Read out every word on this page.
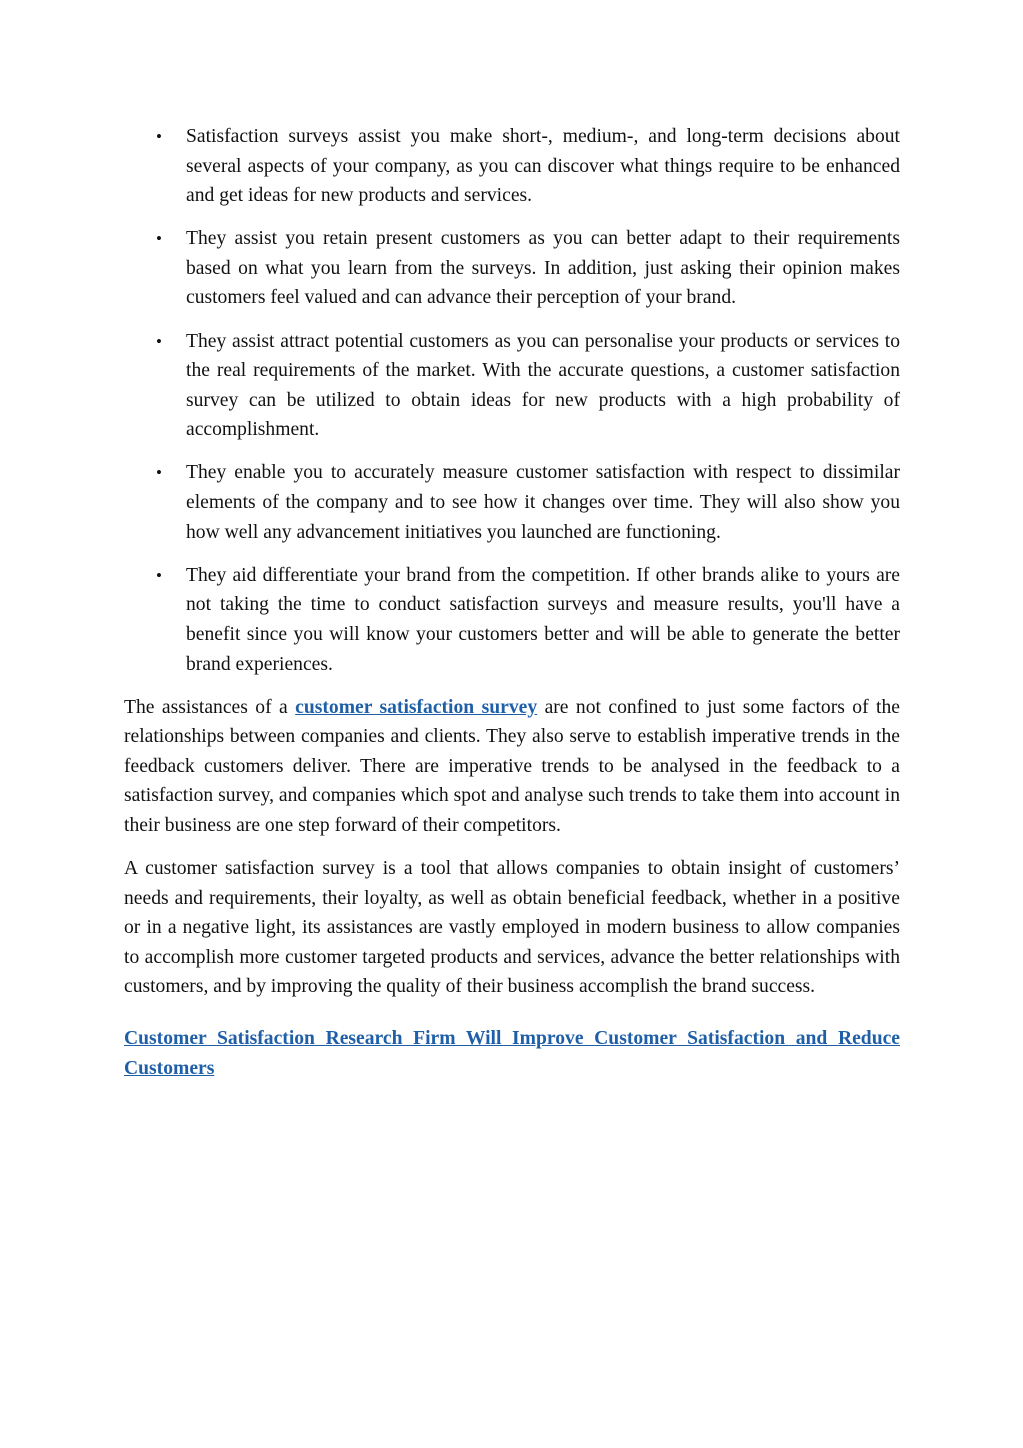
• Satisfaction surveys assist you make short-, medium-, and long-term decisions about several aspects of your company, as you can discover what things require to be enhanced and get ideas for new products and services.
• They assist you retain present customers as you can better adapt to their requirements based on what you learn from the surveys. In addition, just asking their opinion makes customers feel valued and can advance their perception of your brand.
• They assist attract potential customers as you can personalise your products or services to the real requirements of the market. With the accurate questions, a customer satisfaction survey can be utilized to obtain ideas for new products with a high probability of accomplishment.
• They enable you to accurately measure customer satisfaction with respect to dissimilar elements of the company and to see how it changes over time. They will also show you how well any advancement initiatives you launched are functioning.
• They aid differentiate your brand from the competition. If other brands alike to yours are not taking the time to conduct satisfaction surveys and measure results, you'll have a benefit since you will know your customers better and will be able to generate the better brand experiences.

The assistances of a customer satisfaction survey are not confined to just some factors of the relationships between companies and clients. They also serve to establish imperative trends in the feedback customers deliver. There are imperative trends to be analysed in the feedback to a satisfaction survey, and companies which spot and analyse such trends to take them into account in their business are one step forward of their competitors.

A customer satisfaction survey is a tool that allows companies to obtain insight of customers’ needs and requirements, their loyalty, as well as obtain beneficial feedback, whether in a positive or in a negative light, its assistances are vastly employed in modern business to allow companies to accomplish more customer targeted products and services, advance the better relationships with customers, and by improving the quality of their business accomplish the brand success.

Customer Satisfaction Research Firm Will Improve Customer Satisfaction and Reduce Customers
